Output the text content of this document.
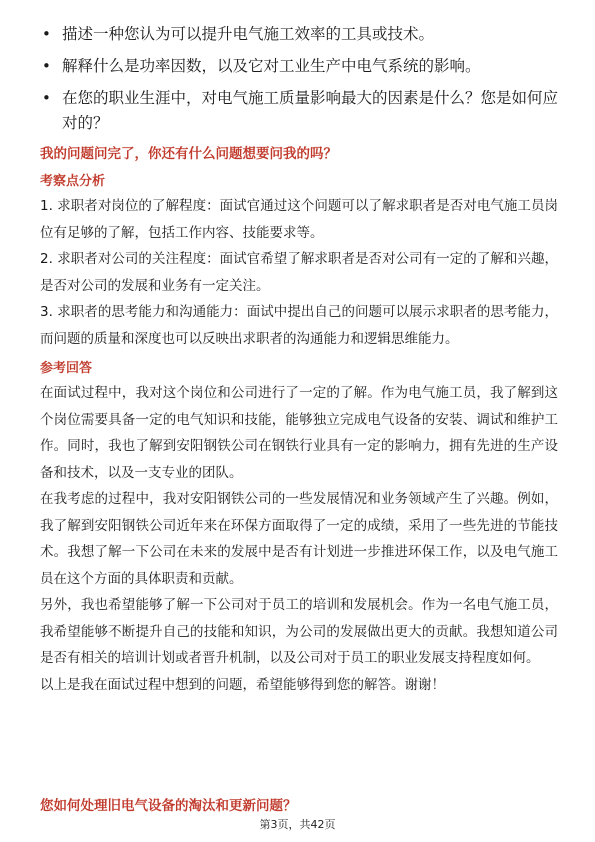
• 描述一种您认为可以提升电气施工效率的工具或技术。
• 解释什么是功率因数，以及它对工业生产中电气系统的影响。
• 在您的职业生涯中，对电气施工质量影响最大的因素是什么？您是如何应对的？

我的问题问完了，你还有什么问题想要问我的吗？

考察点分析

1. 求职者对岗位的了解程度：面试官通过这个问题可以了解求职者是否对电气施工员岗位有足够的了解，包括工作内容、技能要求等。

2. 求职者对公司的关注程度：面试官希望了解求职者是否对公司有一定的了解和兴趣，是否对公司的发展和业务有一定关注。

3. 求职者的思考能力和沟通能力：面试中提出自己的问题可以展示求职者的思考能力，而问题的质量和深度也可以反映出求职者的沟通能力和逻辑思维能力。

参考回答

在面试过程中，我对这个岗位和公司进行了一定的了解。作为电气施工员，我了解到这个岗位需要具备一定的电气知识和技能，能够独立完成电气设备的安装、调试和维护工作。同时，我也了解到安阳钢铁公司在钢铁行业具有一定的影响力，拥有先进的生产设备和技术，以及一支专业的团队。

在我考虑的过程中，我对安阳钢铁公司的一些发展情况和业务领域产生了兴趣。例如，我了解到安阳钢铁公司近年来在环保方面取得了一定的成绩，采用了一些先进的节能技术。我想了解一下公司在未来的发展中是否有计划进一步推进环保工作，以及电气施工员在这个方面的具体职责和贡献。

另外，我也希望能够了解一下公司对于员工的培训和发展机会。作为一名电气施工员，我希望能够不断提升自己的技能和知识，为公司的发展做出更大的贡献。我想知道公司是否有相关的培训计划或者晋升机制，以及公司对于员工的职业发展支持程度如何。

以上是我在面试过程中想到的问题，希望能够得到您的解答。谢谢！

您如何处理旧电气设备的淘汰和更新问题？
第3页，共42页
